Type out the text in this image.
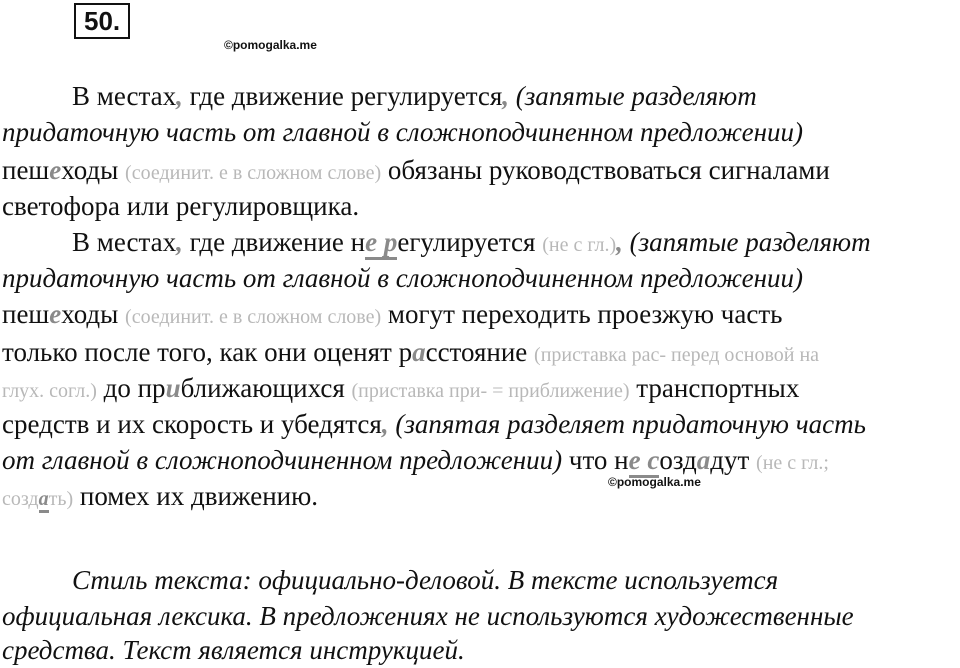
50.
©pomogalka.me
©pomogalka.me
В местах, где движение регулируется, (запятые разделяют
придаточную часть от главной в сложноподчиненном предложении)
пешеходы (соединит. е в сложном слове) обязаны руководствоваться сигналами
светофора или регулировщика.
В местах, где движение не регулируется (не с гл.), (запятые разделяют
придаточную часть от главной в сложноподчиненном предложении)
пешеходы (соединит. е в сложном слове) могут переходить проезжую часть
только после того, как они оценят расстояние (приставка рас- перед основой на
глух. согл.) до приближающихся (приставка при- = приближение) транспортных
средств и их скорость и убедятся, (запятая разделяет придаточную часть
от главной в сложноподчиненном предложении) что не создадут (не с гл.;
создать) помех их движению.
Стиль текста: официально-деловой. В тексте используется
официальная лексика. В предложениях не используются художественные
средства. Текст является инструкцией.
